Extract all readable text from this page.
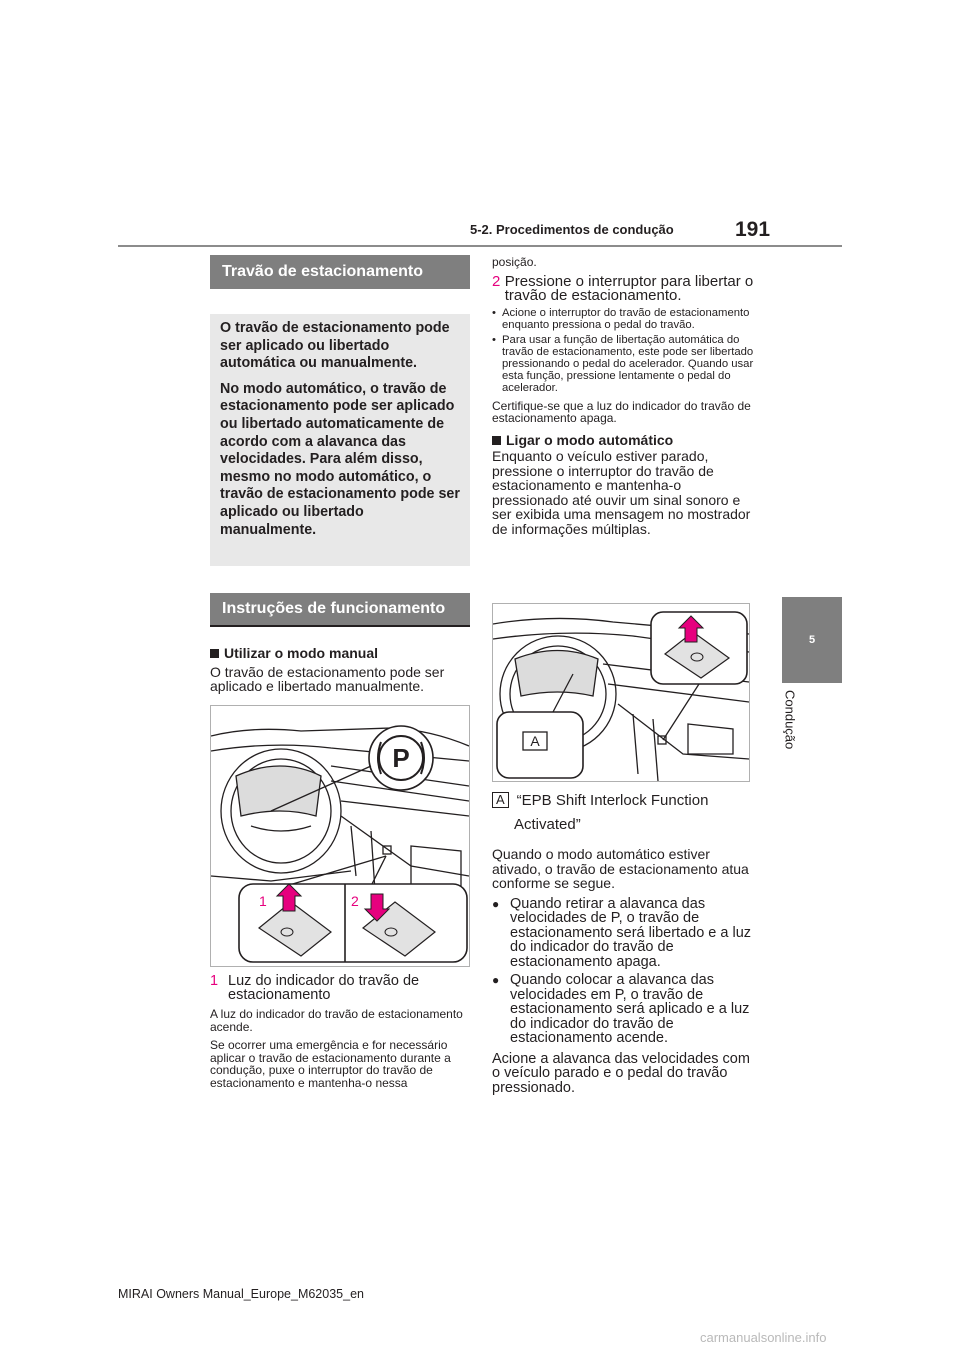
5-2. Procedimentos de condução	191
5
Condução
Travão de estacionamento

O travão de estacionamento pode ser aplicado ou libertado automática ou manualmente.

No modo automático, o travão de estacionamento pode ser aplicado ou libertado automaticamente de acordo com a alavanca das velocidades. Para além disso, mesmo no modo automático, o travão de estacionamento pode ser aplicado ou libertado manualmente.

Instruções de funcionamento
Utilizar o modo manual
O travão de estacionamento pode ser aplicado e libertado manualmente.
P
1	2
1 Luz do indicador do travão de estacionamento
A luz do indicador do travão de estacionamento acende.
Se ocorrer uma emergência e for necessário aplicar o travão de estacionamento durante a condução, puxe o interruptor do travão de estacionamento e mantenha-o nessa
posição.
2 Pressione o interruptor para libertar o travão de estacionamento.
• Acione o interruptor do travão de estacionamento enquanto pressiona o pedal do travão.
• Para usar a função de libertação automática do travão de estacionamento, este pode ser libertado pressionando o pedal do acelerador. Quando usar esta função, pressione lentamente o pedal do acelerador.
Certifique-se que a luz do indicador do travão de estacionamento apaga.
Ligar o modo automático
Enquanto o veículo estiver parado, pressione o interruptor do travão de estacionamento e mantenha-o pressionado até ouvir um sinal sonoro e ser exibida uma mensagem no mostrador de informações múltiplas.
A
A “EPB Shift Interlock Function
Activated”
Quando o modo automático estiver ativado, o travão de estacionamento atua conforme se segue.
● Quando retirar a alavanca das velocidades de P, o travão de estacionamento será libertado e a luz do indicador do travão de estacionamento apaga.
● Quando colocar a alavanca das velocidades em P, o travão de estacionamento será aplicado e a luz do indicador do travão de estacionamento acende.
Acione a alavanca das velocidades com o veículo parado e o pedal do travão pressionado.
MIRAI Owners Manual_Europe_M62035_en
carmanualsonline.info
